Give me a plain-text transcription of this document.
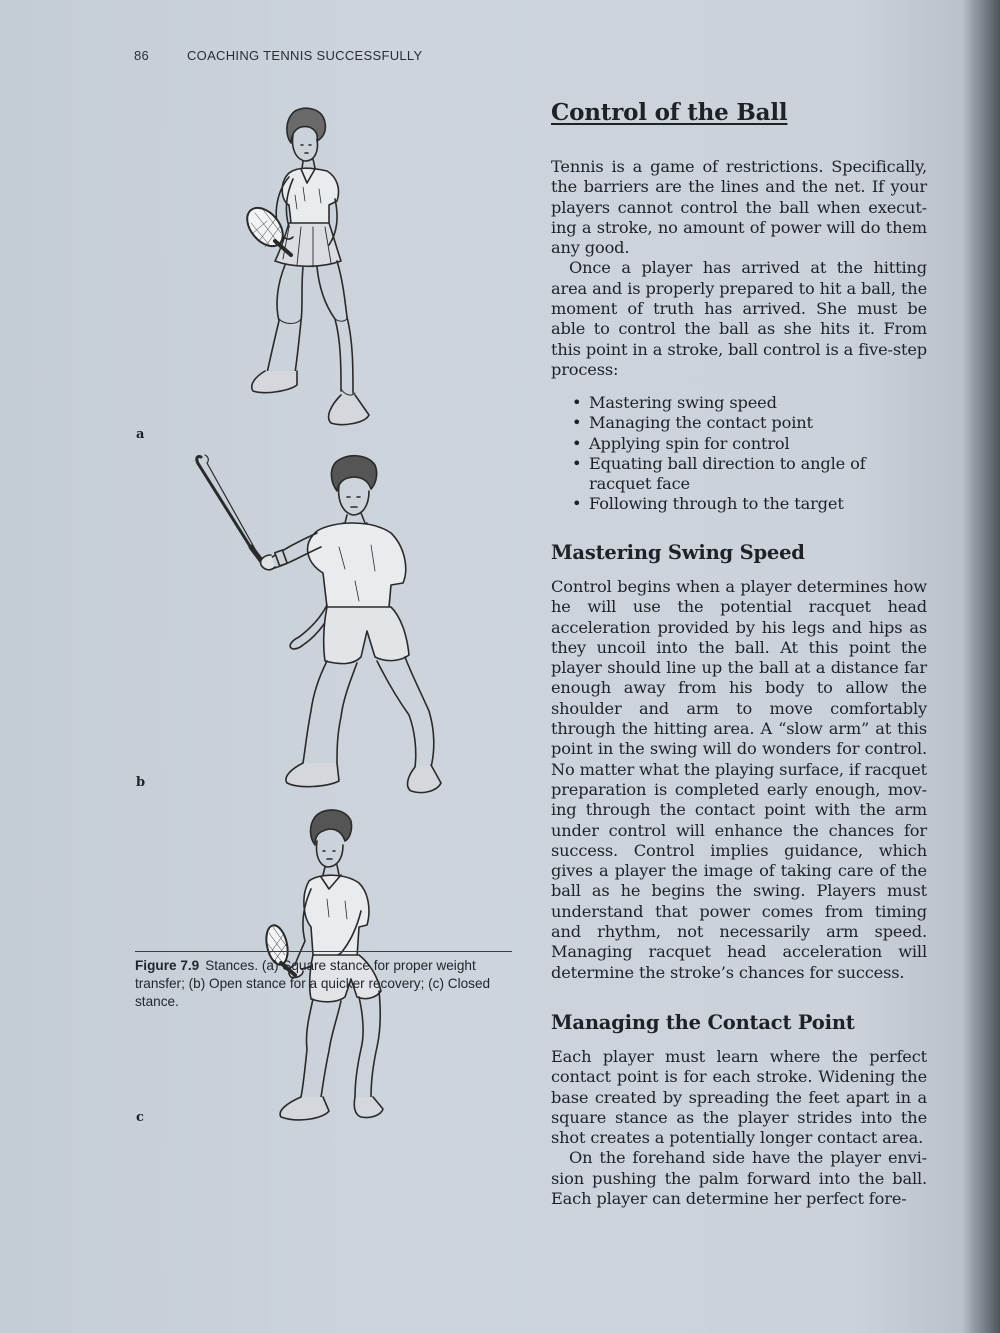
86	COACHING TENNIS SUCCESSFULLY
a
b
c
Figure 7.9 Stances. (a) Square stance for proper weight transfer; (b) Open stance for a quicker recovery; (c) Closed stance.
Control of the Ball

Tennis is a game of restrictions. Specifically, the barriers are the lines and the net. If your players cannot control the ball when execut-ing a stroke, no amount of power will do them any good.

Once a player has arrived at the hitting area and is properly prepared to hit a ball, the moment of truth has arrived. She must be able to control the ball as she hits it. From this point in a stroke, ball control is a five-step process:

• Mastering swing speed
• Managing the contact point
• Applying spin for control
• Equating ball direction to angle of racquet face
• Following through to the target
Mastering Swing Speed

Control begins when a player determines how he will use the potential racquet head acceleration provided by his legs and hips as they uncoil into the ball. At this point the player should line up the ball at a distance far enough away from his body to allow the shoulder and arm to move comfortably through the hitting area. A “slow arm” at this point in the swing will do wonders for control. No matter what the playing surface, if racquet preparation is completed early enough, mov-ing through the contact point with the arm under control will enhance the chances for success. Control implies guidance, which gives a player the image of taking care of the ball as he begins the swing. Players must understand that power comes from timing and rhythm, not necessarily arm speed. Managing racquet head acceleration will determine the stroke’s chances for success.

Managing the Contact Point

Each player must learn where the perfect contact point is for each stroke. Widening the base created by spreading the feet apart in a square stance as the player strides into the shot creates a potentially longer contact area.

On the forehand side have the player envi-sion pushing the palm forward into the ball. Each player can determine her perfect fore-
